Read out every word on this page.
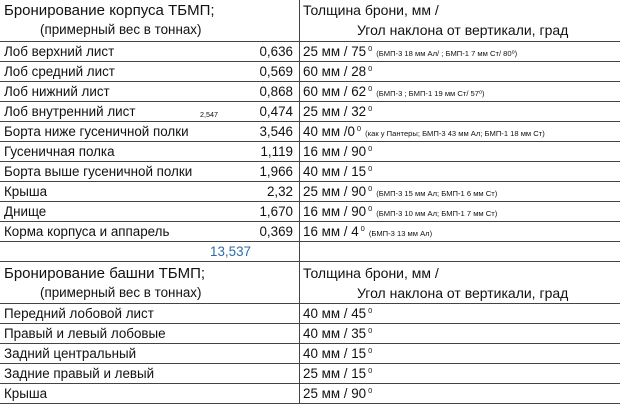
Бронирование корпуса ТБМП;
(примерный вес в тоннах)
Толщина брони, мм /
Угол наклона от вертикали, град
Лоб верхний лист	0,636 25 мм / 75 $^0$(БМП-3 18 мм Ал/ ; БМП-1 7 мм Ст/ 80⁰)
Лоб средний лист	0,569 60 мм / 28 $^0$
Лоб нижний лист	0,868 60 мм / 62 $^0$(БМП-3 ; БМП-1 19 мм Ст/ 57⁰)
Лоб внутренний лист	2,547	0,474 25 мм / 32 $^0$
Борта ниже гусеничной полки	3,546 40 мм /0 $^0$(как у Пантеры; БМП-3 43 мм Ал; БМП-1 18 мм Ст)
Гусеничная полка	1,119 16 мм / 90 $^0$
Борта выше гусеничной полки	1,966 40 мм / 15 $^0$
Крыша	2,32 25 мм / 90 $^0$(БМП-3 15 мм Ал; БМП-1 6 мм Ст)
Днище	1,670 16 мм / 90 $^0$(БМП-3 10 мм Ал; БМП-1 7 мм Ст)
Корма корпуса и аппарель	0,369 16 мм / 4 $^0$(БМП-3 13 мм Ал)
13,537
Бронирование башни ТБМП;
(примерный вес в тоннах)
Толщина брони, мм /
Угол наклона от вертикали, град
Передний лобовой лист	40 мм / 45 $^0$
Правый и левый лобовые	40 мм / 35 $^0$
Задний центральный	40 мм / 15 $^0$
Задние правый и левый	25 мм / 15 $^0$
Крыша	25 мм / 90 $^0$
